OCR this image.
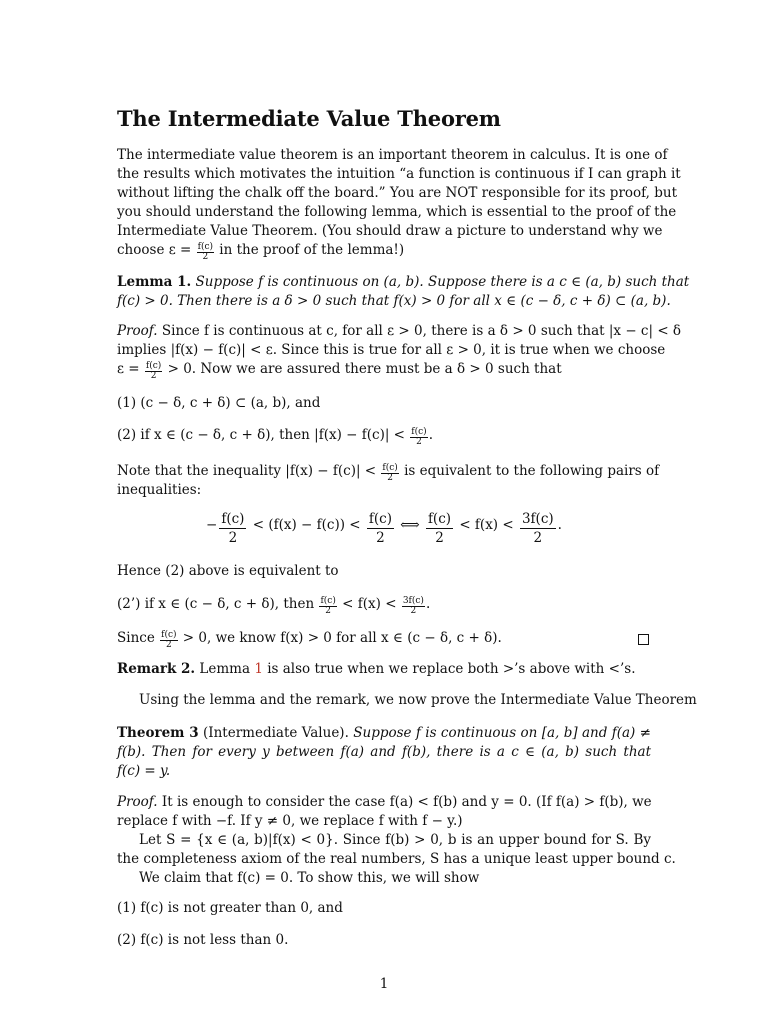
The Intermediate Value Theorem
The intermediate value theorem is an important theorem in calculus. It is one of
the results which motivates the intuition “a function is continuous if I can graph it
without lifting the chalk off the board.” You are NOT responsible for its proof, but
you should understand the following lemma, which is essential to the proof of the
Intermediate Value Theorem. (You should draw a picture to understand why we
choose $\varepsilon = \frac{f(c)}{2}$ in the proof of the lemma!)
Lemma 1. Suppose f is continuous on (a, b). Suppose there is a c ∈ (a, b) such that
f(c) > 0. Then there is a δ > 0 such that f(x) > 0 for all x ∈ (c − δ, c + δ) ⊂ (a, b).
Proof. Since f is continuous at c, for all ε > 0, there is a δ > 0 such that |x − c| < δ
implies |f(x) − f(c)| < ε. Since this is true for all ε > 0, it is true when we choose
$\varepsilon = \frac{f(c)}{2} > 0$. Now we are assured there must be a δ > 0 such that
(1) (c − δ, c + δ) ⊂ (a, b), and
(2) if x ∈ (c − δ, c + δ), then $|f(x) - f(c)| < \frac{f(c)}{2}$ .
Note that the inequality $|f(x) - f(c)| < \frac{f(c)}{2}$ is equivalent to the following pairs of
inequalities:
− $\frac{f(c)}{2} < (f(x) - f(c)) < \frac{f(c)}{2}$ ⟺ $\frac{f(c)}{2} < f(x) < \frac{3f(c)}{2}$ .
Hence (2) above is equivalent to
(2’) if x ∈ (c − δ, c + δ), then $\frac{f(c)}{2} < f(x) < \frac{3f(c)}{2}$ .
Since $\frac{f(c)}{2} > 0$, we know f(x) > 0 for all x ∈ (c − δ, c + δ).
Remark 2. Lemma 1 is also true when we replace both >’s above with <’s.
Using the lemma and the remark, we now prove the Intermediate Value Theorem
Theorem 3 (Intermediate Value). Suppose f is continuous on [a, b] and f(a) ≠
f(b). Then for every y between f(a) and f(b), there is a c ∈ (a, b) such that
f(c) = y.
Proof. It is enough to consider the case f(a) < f(b) and y = 0. (If f(a) > f(b), we
replace f with −f. If y ≠ 0, we replace f with f − y.)
Let S = {x ∈ (a, b)|f(x) < 0}. Since f(b) > 0, b is an upper bound for S. By
the completeness axiom of the real numbers, S has a unique least upper bound c.
We claim that f(c) = 0. To show this, we will show
(1) f(c) is not greater than 0, and
(2) f(c) is not less than 0.
1
